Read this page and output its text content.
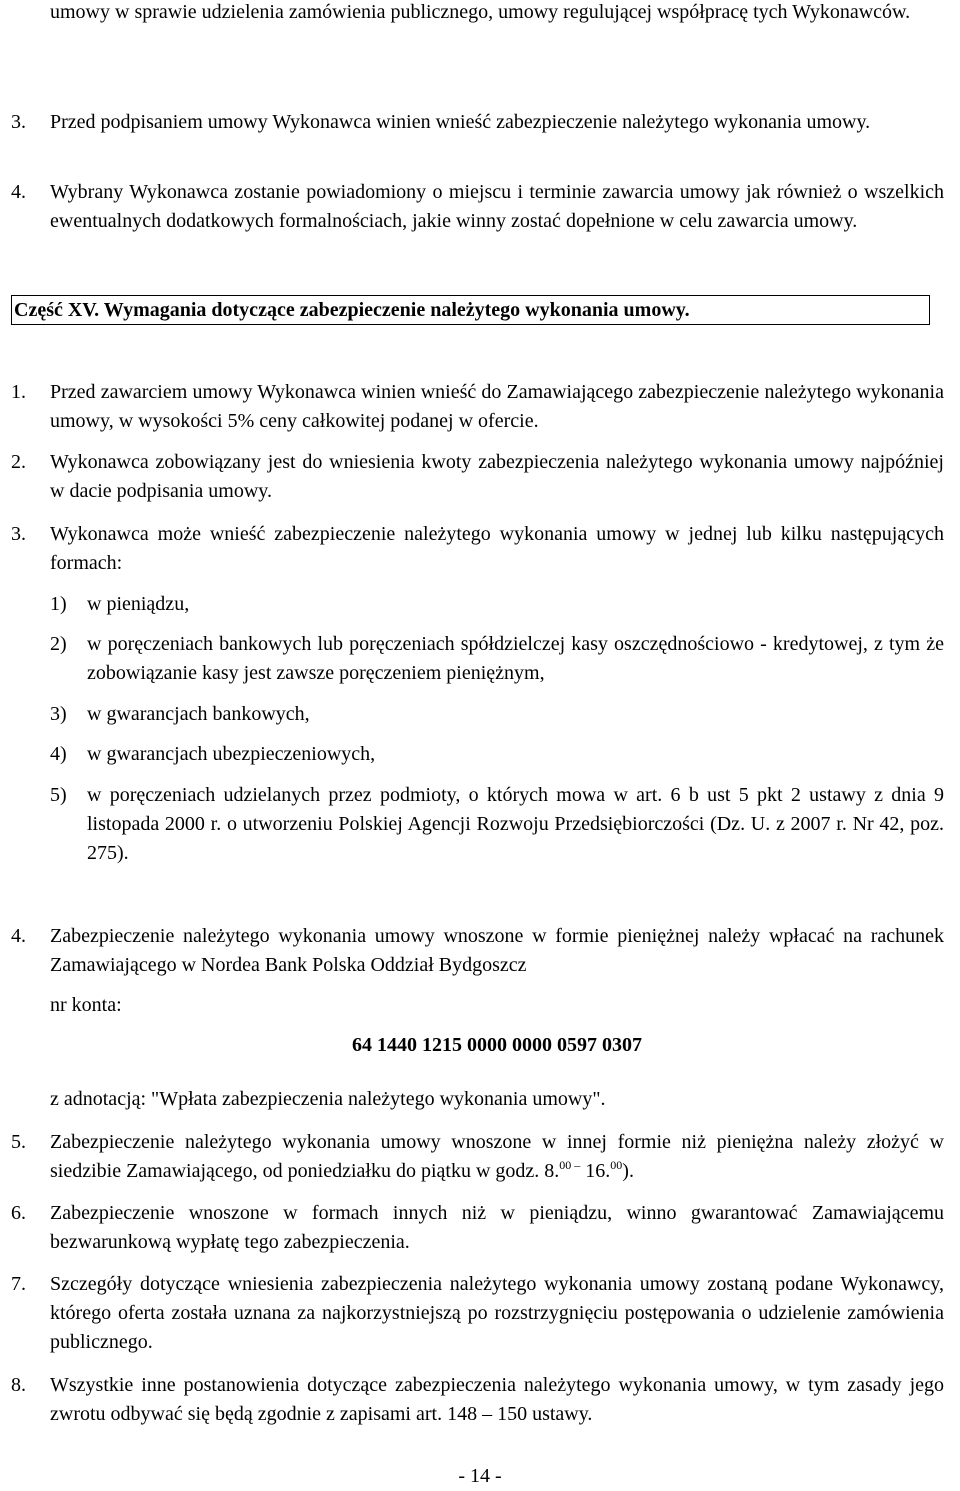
umowy w sprawie udzielenia zamówienia publicznego, umowy regulującej współpracę tych Wykonawców.

3. Przed podpisaniem umowy Wykonawca winien wnieść zabezpieczenie należytego wykonania umowy.

4. Wybrany Wykonawca zostanie powiadomiony o miejscu i terminie zawarcia umowy jak również o wszelkich ewentualnych dodatkowych formalnościach, jakie winny zostać dopełnione w celu zawarcia umowy.

Część XV. Wymagania dotyczące zabezpieczenie należytego wykonania umowy.
1. Przed zawarciem umowy Wykonawca winien wnieść do Zamawiającego zabezpieczenie należytego wykonania umowy, w wysokości 5% ceny całkowitej podanej w ofercie.

2. Wykonawca zobowiązany jest do wniesienia kwoty zabezpieczenia należytego wykonania umowy najpóźniej w dacie podpisania umowy.

3. Wykonawca może wnieść zabezpieczenie należytego wykonania umowy w jednej lub kilku następujących formach:

1) w pieniądzu,

2) w poręczeniach bankowych lub poręczeniach spółdzielczej kasy oszczędnościowo - kredytowej, z tym że zobowiązanie kasy jest zawsze poręczeniem pieniężnym,

3) w gwarancjach bankowych,

4) w gwarancjach ubezpieczeniowych,

5) w poręczeniach udzielanych przez podmioty, o których mowa w art. 6 b ust 5 pkt 2 ustawy z dnia 9 listopada 2000 r. o utworzeniu Polskiej Agencji Rozwoju Przedsiębiorczości (Dz. U. z 2007 r. Nr 42, poz. 275).

4. Zabezpieczenie należytego wykonania umowy wnoszone w formie pieniężnej należy wpłacać na rachunek Zamawiającego w Nordea Bank Polska Oddział Bydgoszcz

nr konta:

64 1440 1215 0000 0000 0597 0307

z adnotacją: "Wpłata zabezpieczenia należytego wykonania umowy".

5. Zabezpieczenie należytego wykonania umowy wnoszone w innej formie niż pieniężna należy złożyć w siedzibie Zamawiającego, od poniedziałku do piątku w godz. 8.$^{00 -}$ 16.00).

6. Zabezpieczenie wnoszone w formach innych niż w pieniądzu, winno gwarantować Zamawiającemu bezwarunkową wypłatę tego zabezpieczenia.

7. Szczegóły dotyczące wniesienia zabezpieczenia należytego wykonania umowy zostaną podane Wykonawcy, którego oferta została uznana za najkorzystniejszą po rozstrzygnięciu postępowania o udzielenie zamówienia publicznego.

8. Wszystkie inne postanowienia dotyczące zabezpieczenia należytego wykonania umowy, w tym zasady jego zwrotu odbywać się będą zgodnie z zapisami art. 148 – 150 ustawy.

- 14 -
